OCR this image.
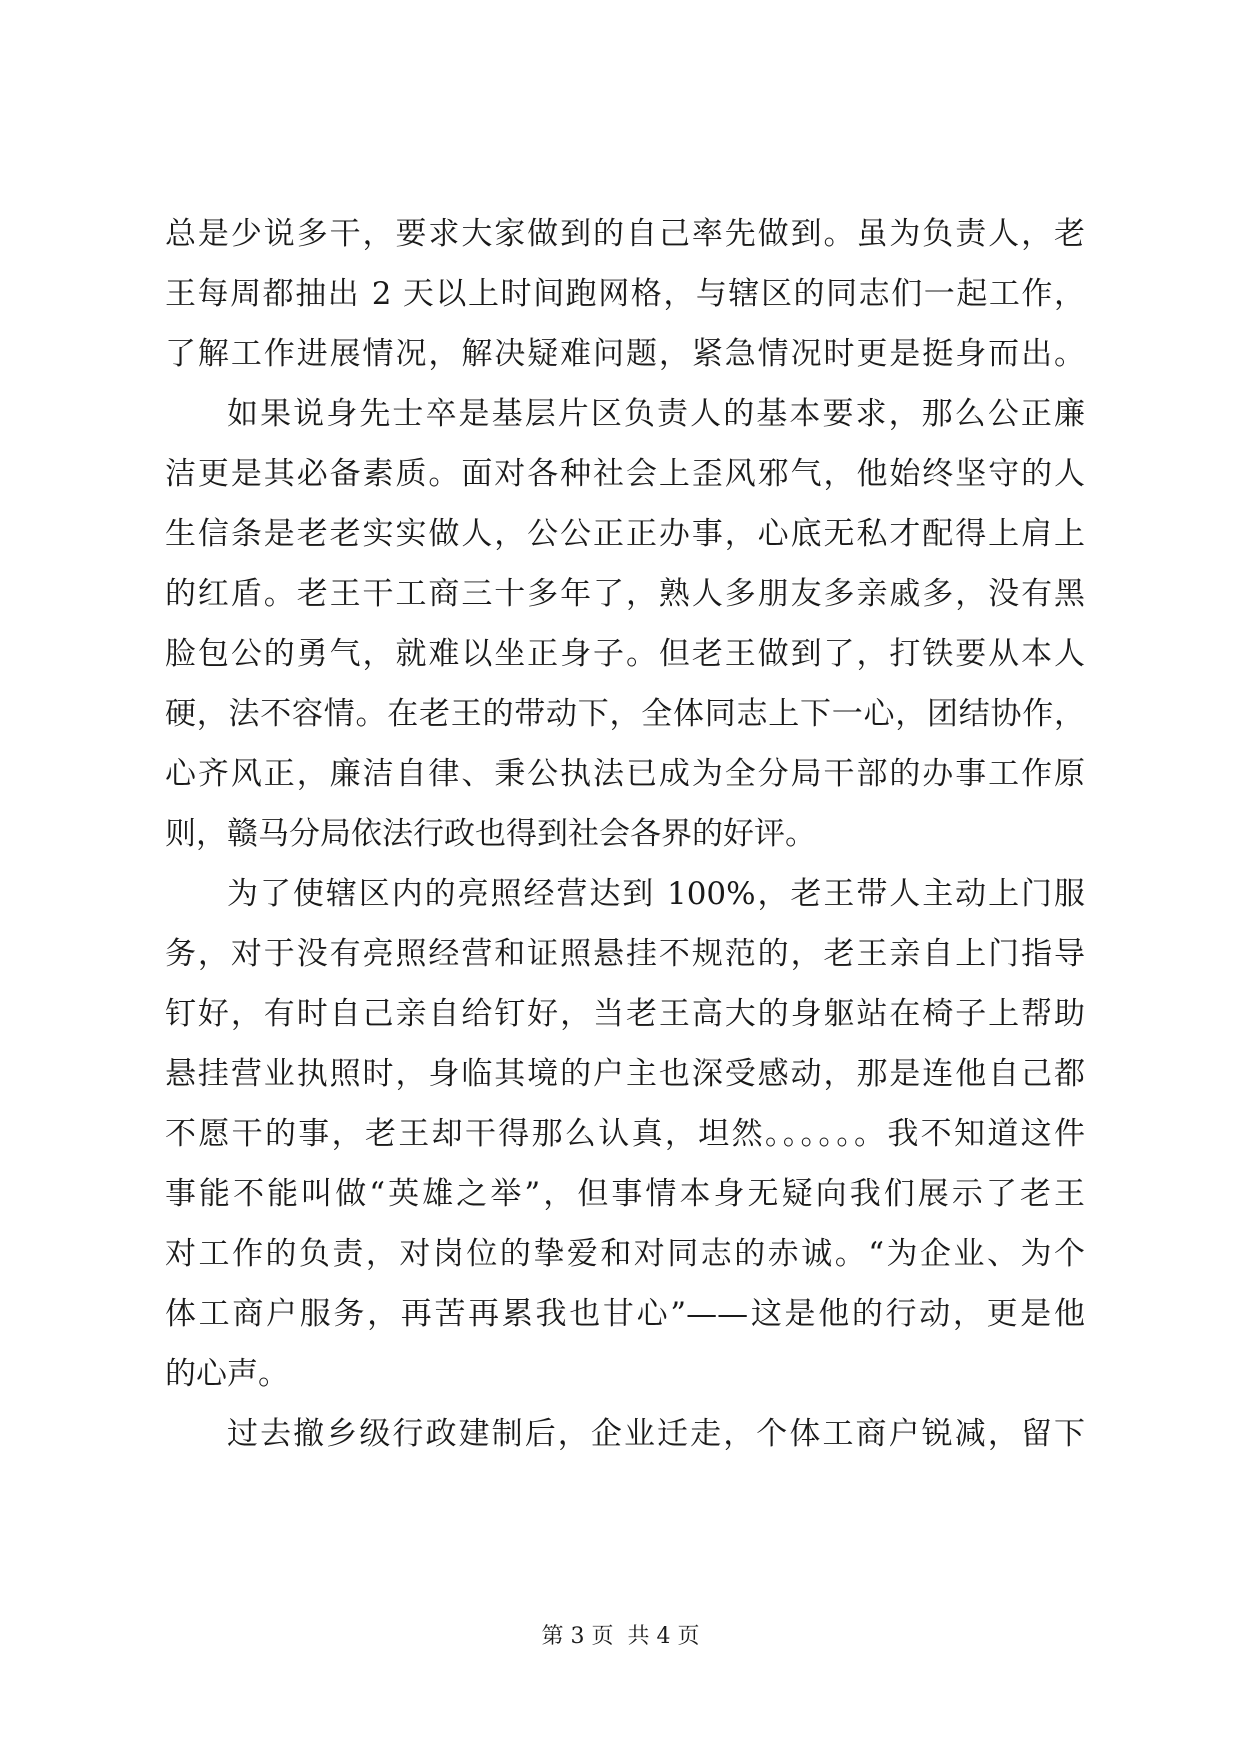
总是少说多干，要求大家做到的自己率先做到。虽为负责人，老
王每周都抽出 2 天以上时间跑网格，与辖区的同志们一起工作，
了解工作进展情况，解决疑难问题，紧急情况时更是挺身而出。
如果说身先士卒是基层片区负责人的基本要求，那么公正廉
洁更是其必备素质。面对各种社会上歪风邪气，他始终坚守的人
生信条是老老实实做人，公公正正办事，心底无私才配得上肩上
的红盾。老王干工商三十多年了，熟人多朋友多亲戚多，没有黑
脸包公的勇气，就难以坐正身子。但老王做到了，打铁要从本人
硬，法不容情。在老王的带动下，全体同志上下一心，团结协作，
心齐风正，廉洁自律、秉公执法已成为全分局干部的办事工作原
则，赣马分局依法行政也得到社会各界的好评。
为了使辖区内的亮照经营达到 100%，老王带人主动上门服
务，对于没有亮照经营和证照悬挂不规范的，老王亲自上门指导
钉好，有时自己亲自给钉好，当老王高大的身躯站在椅子上帮助
悬挂营业执照时，身临其境的户主也深受感动，那是连他自己都
不愿干的事，老王却干得那么认真，坦然。。。。。。我不知道这件
事能不能叫做“英雄之举”，但事情本身无疑向我们展示了老王
对工作的负责，对岗位的挚爱和对同志的赤诚。“为企业、为个
体工商户服务，再苦再累我也甘心”——这是他的行动，更是他
的心声。
过去撤乡级行政建制后，企业迁走，个体工商户锐减，留下
第 3 页  共 4 页
